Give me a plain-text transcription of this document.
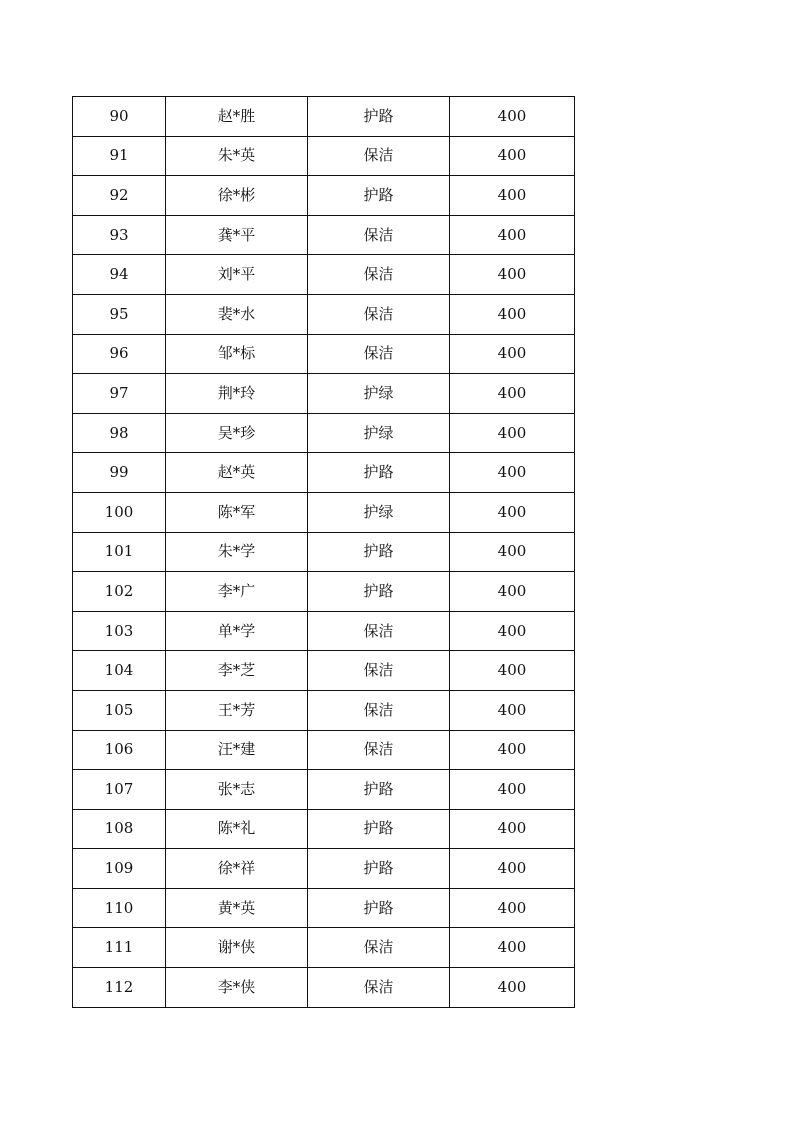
90	赵*胜	护路	400
91	朱*英	保洁	400
92	徐*彬	护路	400
93	龚*平	保洁	400
94	刘*平	保洁	400
95	裴*水	保洁	400
96	邹*标	保洁	400
97	荆*玲	护绿	400
98	吴*珍	护绿	400
99	赵*英	护路	400
100	陈*军	护绿	400
101	朱*学	护路	400
102	李*广	护路	400
103	单*学	保洁	400
104	李*芝	保洁	400
105	王*芳	保洁	400
106	汪*建	保洁	400
107	张*志	护路	400
108	陈*礼	护路	400
109	徐*祥	护路	400
110	黄*英	护路	400
111	谢*侠	保洁	400
112	李*侠	保洁	400
